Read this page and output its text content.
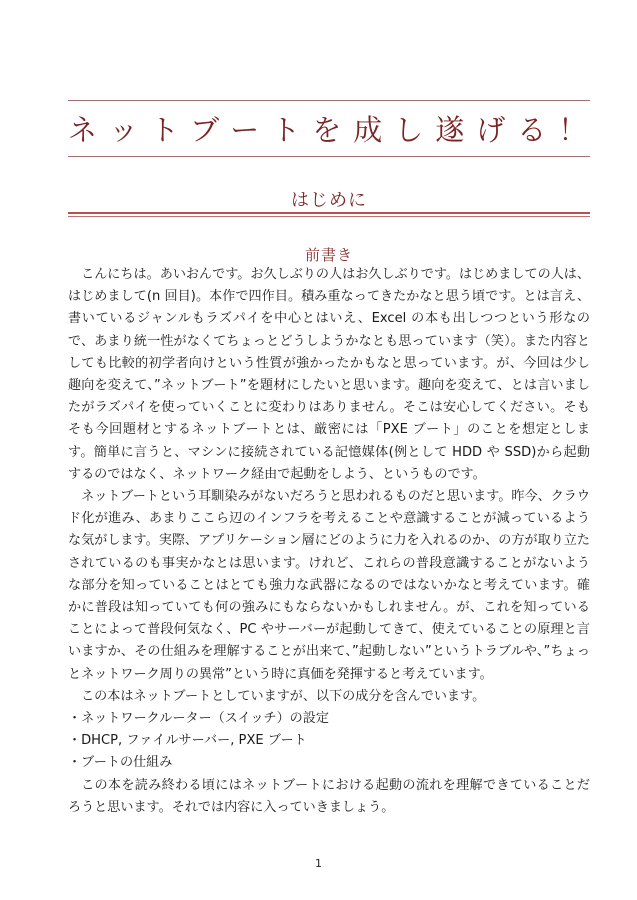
ネットブートを成し遂げる！
はじめに
前書き

こんにちは。あいおんです。お久しぶりの人はお久しぶりです。はじめましての人は、はじめまして(n 回目)。本作で四作目。積み重なってきたかなと思う頃です。とは言え、書いているジャンルもラズパイを中心とはいえ、Excel の本も出しつつという形なので、あまり統一性がなくてちょっとどうしようかなとも思っています（笑）。また内容としても比較的初学者向けという性質が強かったかもなと思っています。が、今回は少し趣向を変えて、”ネットブート”を題材にしたいと思います。趣向を変えて、とは言いましたがラズパイを使っていくことに変わりはありません。そこは安心してください。そもそも今回題材とするネットブートとは、厳密には「PXE ブート」のことを想定とします。簡単に言うと、マシンに接続されている記憶媒体(例として HDD や SSD)から起動するのではなく、ネットワーク経由で起動をしよう、というものです。

ネットブートという耳馴染みがないだろうと思われるものだと思います。昨今、クラウド化が進み、あまりここら辺のインフラを考えることや意識することが減っているような気がします。実際、アプリケーション層にどのように力を入れるのか、の方が取り立たされているのも事実かなとは思います。けれど、これらの普段意識することがないような部分を知っていることはとても強力な武器になるのではないかなと考えています。確かに普段は知っていても何の強みにもならないかもしれません。が、これを知っていることによって普段何気なく、PC やサーバーが起動してきて、使えていることの原理と言いますか、その仕組みを理解することが出来て、”起動しない”というトラブルや、”ちょっとネットワーク周りの異常”という時に真価を発揮すると考えています。

この本はネットブートとしていますが、以下の成分を含んでいます。

・ネットワークルーター（スイッチ）の設定

・DHCP, ファイルサーバー, PXE ブート

・ブートの仕組み

この本を読み終わる頃にはネットブートにおける起動の流れを理解できていることだろうと思います。それでは内容に入っていきましょう。

1
